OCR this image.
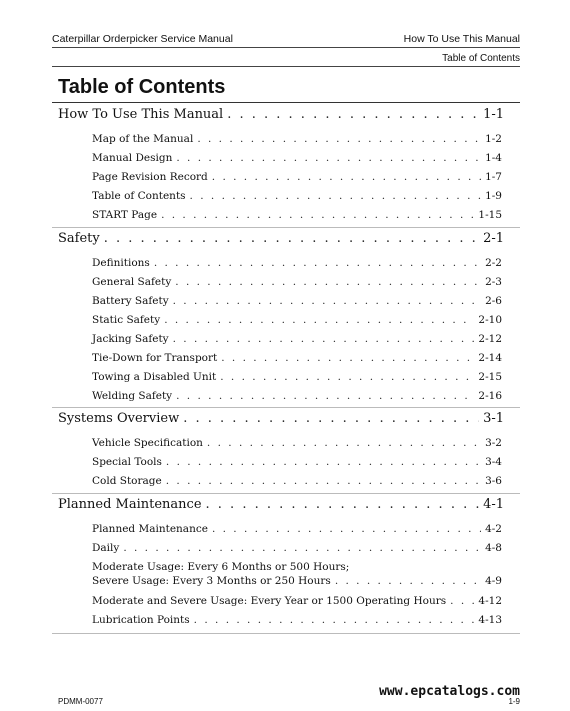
Caterpillar Orderpicker Service Manual	How To Use This Manual
Table of Contents
Table of Contents
How To Use This Manual . . .	1-1
Map of the Manual . . .	1-2
Manual Design . . .	1-4
Page Revision Record . . .	1-7
Table of Contents . . .	1-9
START Page . . .	1-15
Safety . . .	2-1
Definitions . . .	2-2
General Safety . . .	2-3
Battery Safety . . .	2-6
Static Safety . . .	2-10
Jacking Safety . . .	2-12
Tie-Down for Transport . . .	2-14
Towing a Disabled Unit . . .	2-15
Welding Safety . . .	2-16
Systems Overview . . .	3-1
Vehicle Specification . . .	3-2
Special Tools . . .	3-4
Cold Storage . . .	3-6
Planned Maintenance . . .	4-1
Planned Maintenance . . .	4-2
Daily . . .	4-8
Moderate Usage: Every 6 Months or 500 Hours;
Severe Usage: Every 3 Months or 250 Hours . . .	4-9
Moderate and Severe Usage: Every Year or 1500 Operating Hours . . .	4-12
Lubrication Points . . .	4-13
www.epcatalogs.com
PDMM-0077	1-9
